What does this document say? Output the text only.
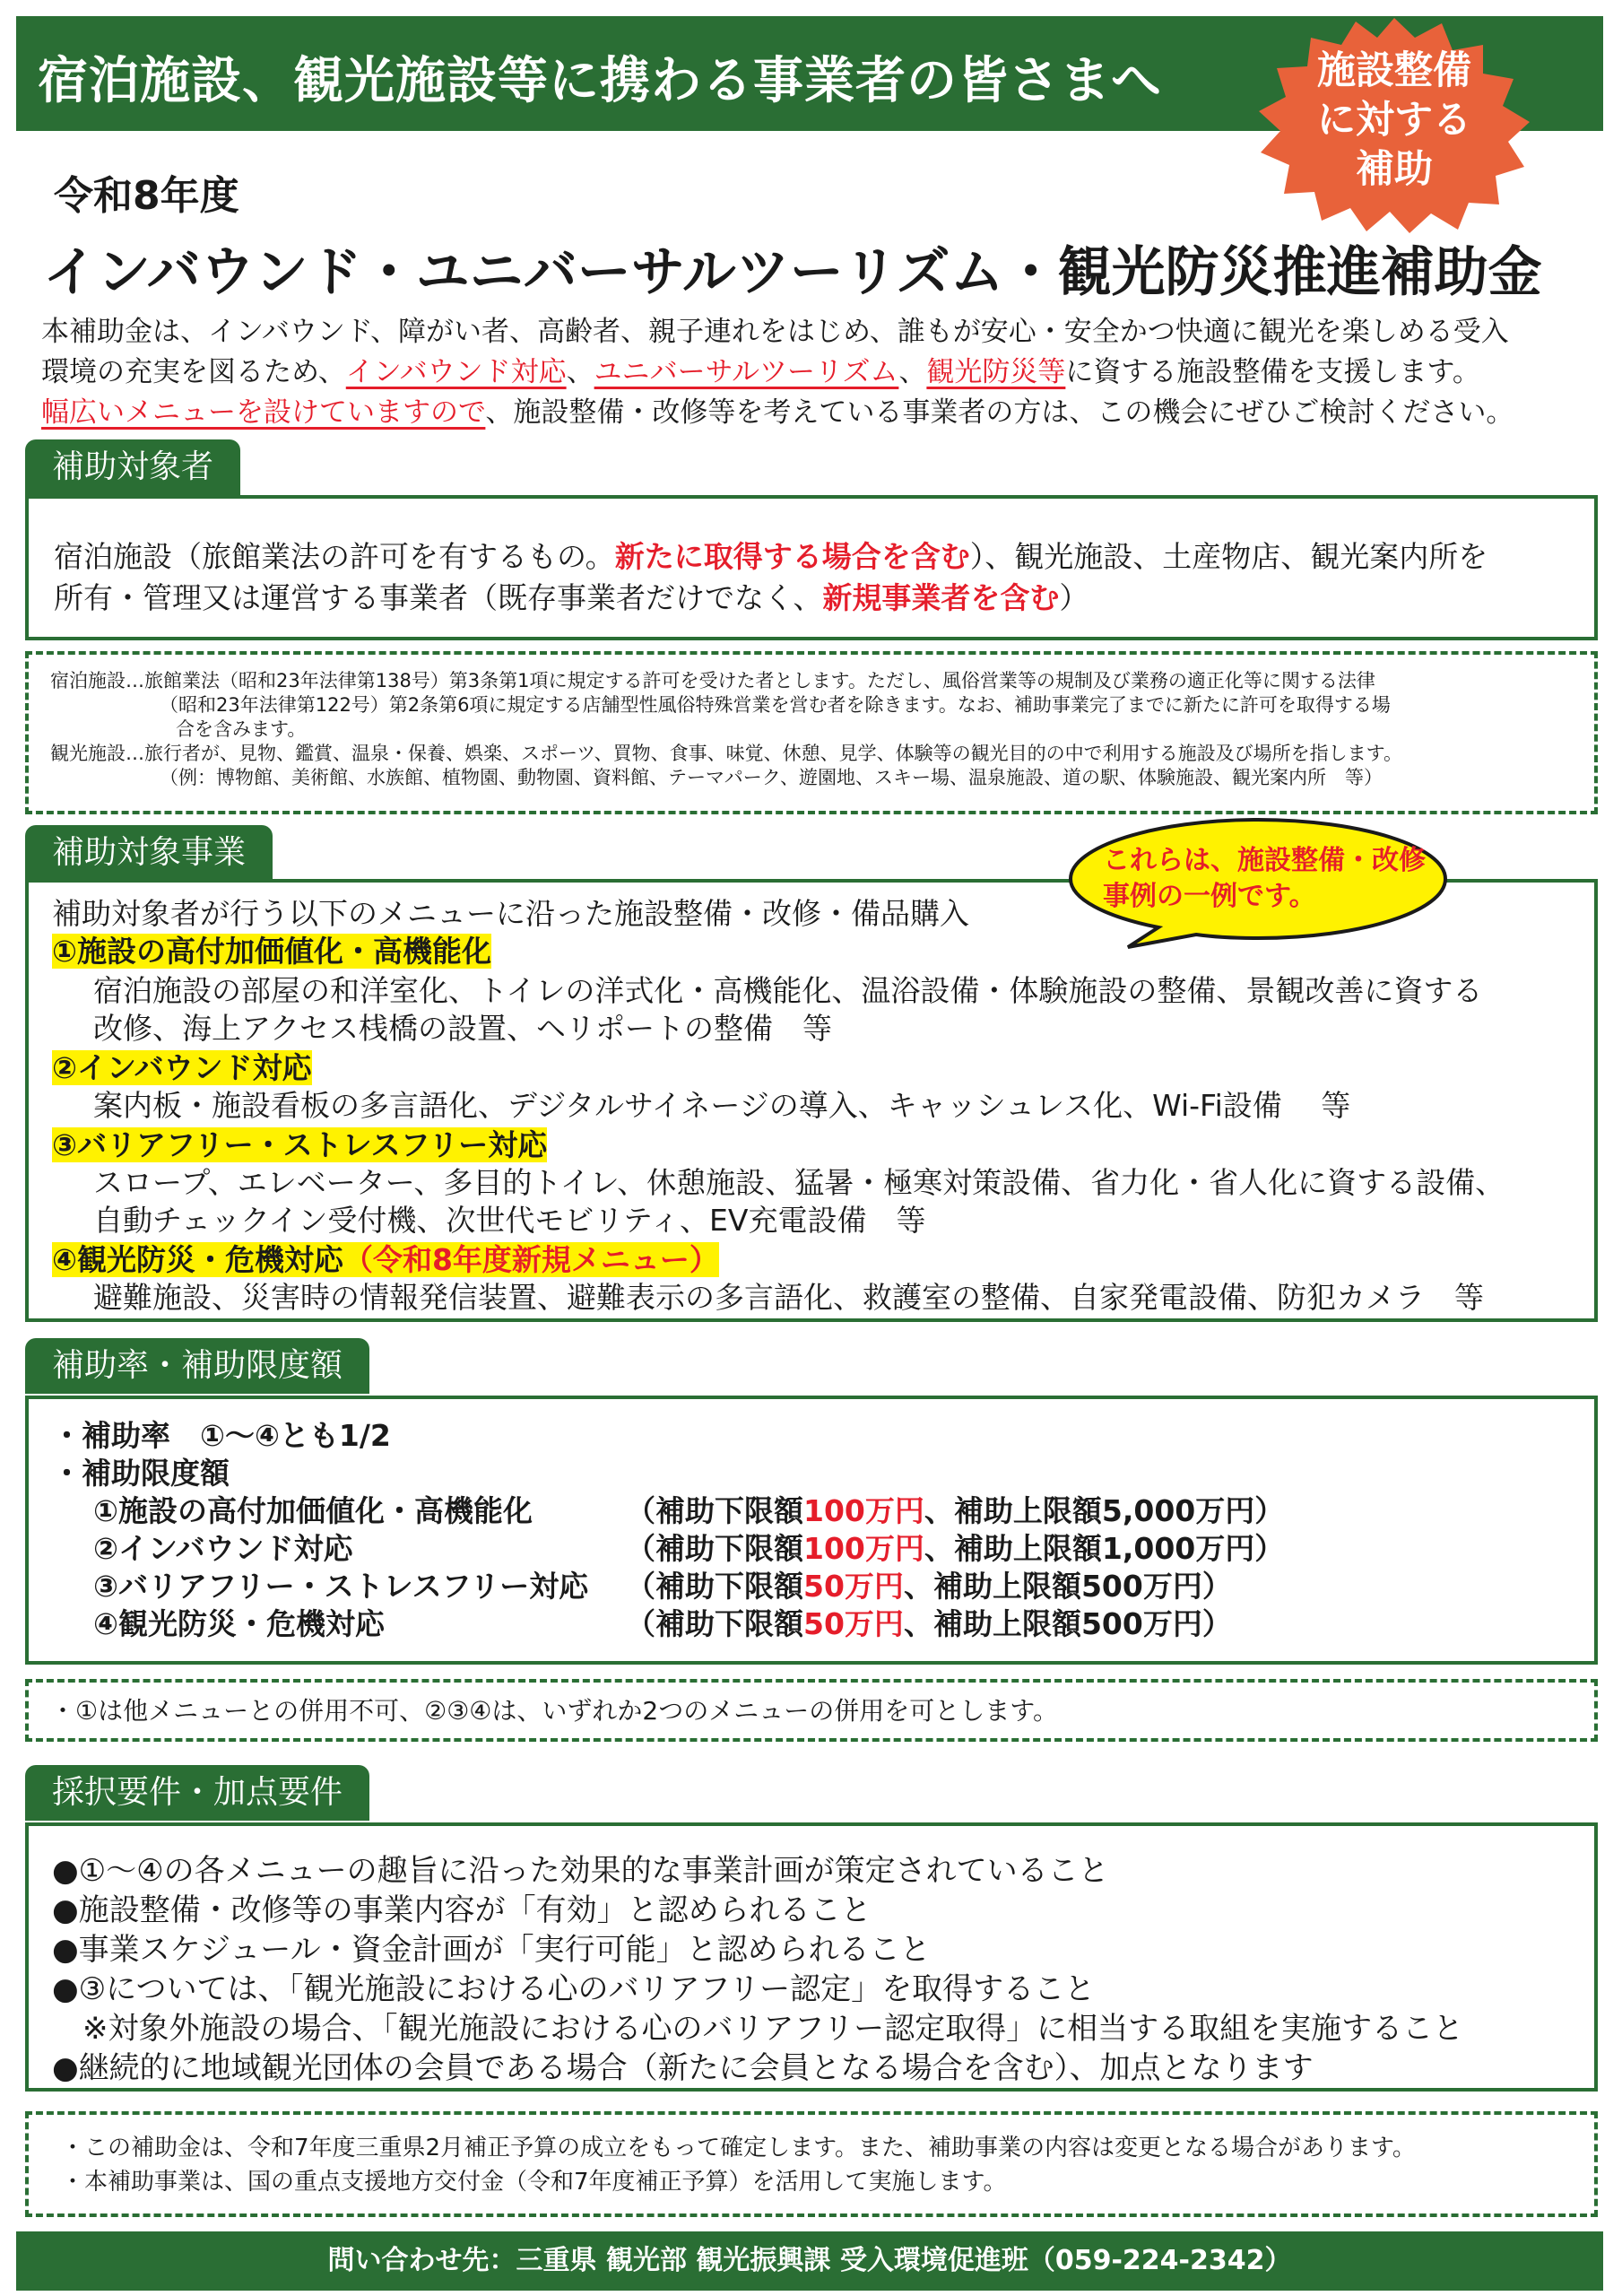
宿泊施設、観光施設等に携わる事業者の皆さまへ	施設整備
に対する
補助
令和8年度
インバウンド・ユニバーサルツーリズム・観光防災推進補助金

本補助金は、インバウンド、障がい者、高齢者、親子連れをはじめ、誰もが安心・安全かつ快適に観光を楽しめる受入

環境の充実を図るため、インバウンド対応、ユニバーサルツーリズム、観光防災等に資する施設整備を支援します。

幅広いメニューを設けていますので、施設整備・改修等を考えている事業者の方は、この機会にぜひご検討ください。

補助対象者
宿泊施設（旅館業法の許可を有するもの。新たに取得する場合を含む）、観光施設、土産物店、観光案内所を
所有・管理又は運営する事業者（既存事業者だけでなく、新規事業者を含む）
宿泊施設…旅館業法（昭和23年法律第138号）第3条第1項に規定する許可を受けた者とします。ただし、風俗営業等の規制及び業務の適正化等に関する法律
（昭和23年法律第122号）第2条第6項に規定する店舗型性風俗特殊営業を営む者を除きます。なお、補助事業完了までに新たに許可を取得する場
合を含みます。
観光施設…旅行者が、見物、鑑賞、温泉・保養、娯楽、スポーツ、買物、食事、味覚、休憩、見学、体験等の観光目的の中で利用する施設及び場所を指します。
（例：博物館、美術館、水族館、植物園、動物園、資料館、テーマパーク、遊園地、スキー場、温泉施設、道の駅、体験施設、観光案内所　等）
補助対象事業
補助対象者が行う以下のメニューに沿った施設整備・改修・備品購入
①施設の高付加価値化・高機能化
宿泊施設の部屋の和洋室化、トイレの洋式化・高機能化、温浴設備・体験施設の整備、景観改善に資する
改修、海上アクセス桟橋の設置、ヘリポートの整備　等
②インバウンド対応
案内板・施設看板の多言語化、デジタルサイネージの導入、キャッシュレス化、Wi-Fi設備　 等
③バリアフリー・ストレスフリー対応
スロープ、エレベーター、多目的トイレ、休憩施設、猛暑・極寒対策設備、省力化・省人化に資する設備、
自動チェックイン受付機、次世代モビリティ、EV充電設備　等
④観光防災・危機対応（令和8年度新規メニュー）
避難施設、災害時の情報発信装置、避難表示の多言語化、救護室の整備、自家発電設備、防犯カメラ　等
これらは、施設整備・改修
事例の一例です。
補助率・補助限度額
・補助率　①～④とも1/2
・補助限度額
①施設の高付加価値化・高機能化	（補助下限額100万円、補助上限額5,000万円）
②インバウンド対応	（補助下限額100万円、補助上限額1,000万円）
③バリアフリー・ストレスフリー対応 （補助下限額50万円、補助上限額500万円）
④観光防災・危機対応	（補助下限額50万円、補助上限額500万円）
・①は他メニューとの併用不可、②③④は、いずれか2つのメニューの併用を可とします。
採択要件・加点要件
●①～④の各メニューの趣旨に沿った効果的な事業計画が策定されていること
●施設整備・改修等の事業内容が「有効」と認められること
●事業スケジュール・資金計画が「実行可能」と認められること
●③については、「観光施設における心のバリアフリー認定」を取得すること
　※対象外施設の場合、「観光施設における心のバリアフリー認定取得」に相当する取組を実施すること
●継続的に地域観光団体の会員である場合（新たに会員となる場合を含む）、加点となります
・この補助金は、令和7年度三重県2月補正予算の成立をもって確定します。また、補助事業の内容は変更となる場合があります。
・本補助事業は、国の重点支援地方交付金（令和7年度補正予算）を活用して実施します。
問い合わせ先：三重県 観光部 観光振興課 受入環境促進班（059-224-2342）
